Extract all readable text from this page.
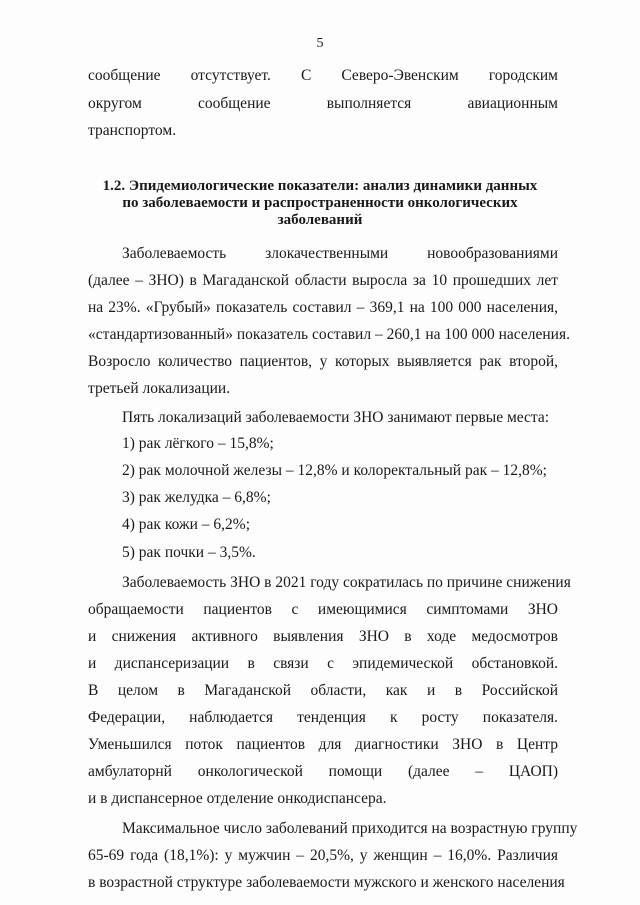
5
сообщение отсутствует. С Северо-Эвенским городским
округом сообщение выполняется авиационным
транспортом.
1.2. Эпидемиологические показатели: анализ динамики данных
по заболеваемости и распространенности онкологических
заболеваний
Заболеваемость злокачественными новообразованиями
(далее – ЗНО) в Магаданской области выросла за 10 прошедших лет
на 23%. «Грубый» показатель составил – 369,1 на 100 000 населения,
«стандартизованный» показатель составил – 260,1 на 100 000 населения.
Возросло количество пациентов, у которых выявляется рак второй,
третьей локализации.
Пять локализаций заболеваемости ЗНО занимают первые места:
1) рак лёгкого – 15,8%;
2) рак молочной железы – 12,8% и колоректальный рак – 12,8%;
3) рак желудка – 6,8%;
4) рак кожи – 6,2%;
5) рак почки – 3,5%.
Заболеваемость ЗНО в 2021 году сократилась по причине снижения
обращаемости пациентов с имеющимися симптомами ЗНО
и снижения активного выявления ЗНО в ходе медосмотров
и диспансеризации в связи с эпидемической обстановкой.
В целом в Магаданской области, как и в Российской
Федерации, наблюдается тенденция к росту показателя.
Уменьшился поток пациентов для диагностики ЗНО в Центр
амбулаторнй онкологической помощи (далее – ЦАОП)
и в диспансерное отделение онкодиспансера.
Максимальное число заболеваний приходится на возрастную группу
65-69 года (18,1%): у мужчин – 20,5%, у женщин – 16,0%. Различия
в возрастной структуре заболеваемости мужского и женского населения
